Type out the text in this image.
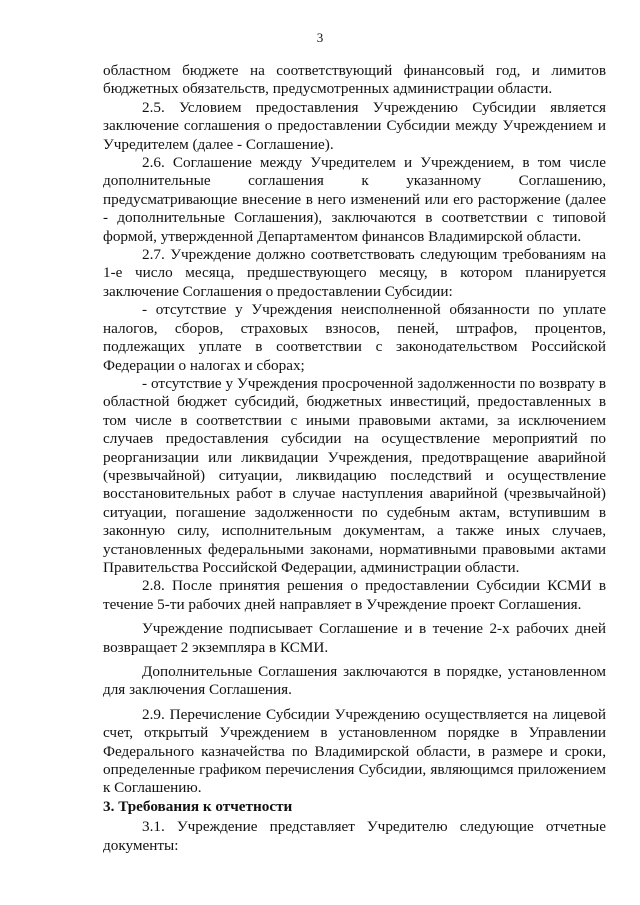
3

областном бюджете на соответствующий финансовый год, и лимитов бюджетных обязательств, предусмотренных администрации области.

2.5. Условием предоставления Учреждению Субсидии является заключение соглашения о предоставлении Субсидии между Учреждением и Учредителем (далее - Соглашение).

2.6. Соглашение между Учредителем и Учреждением, в том числе дополнительные соглашения к указанному Соглашению, предусматривающие внесение в него изменений или его расторжение (далее - дополнительные Соглашения), заключаются в соответствии с типовой формой, утвержденной Департаментом финансов Владимирской области.

2.7. Учреждение должно соответствовать следующим требованиям на 1-е число месяца, предшествующего месяцу, в котором планируется заключение Соглашения о предоставлении Субсидии:

- отсутствие у Учреждения неисполненной обязанности по уплате налогов, сборов, страховых взносов, пеней, штрафов, процентов, подлежащих уплате в соответствии с законодательством Российской Федерации о налогах и сборах;

- отсутствие у Учреждения просроченной задолженности по возврату в областной бюджет субсидий, бюджетных инвестиций, предоставленных в том числе в соответствии с иными правовыми актами, за исключением случаев предоставления субсидии на осуществление мероприятий по реорганизации или ликвидации Учреждения, предотвращение аварийной (чрезвычайной) ситуации, ликвидацию последствий и осуществление восстановительных работ в случае наступления аварийной (чрезвычайной) ситуации, погашение задолженности по судебным актам, вступившим в законную силу, исполнительным документам, а также иных случаев, установленных федеральными законами, нормативными правовыми актами Правительства Российской Федерации, администрации области.

2.8. После принятия решения о предоставлении Субсидии КСМИ в течение 5-ти рабочих дней направляет в Учреждение проект Соглашения.

Учреждение подписывает Соглашение и в течение 2-х рабочих дней возвращает 2 экземпляра в КСМИ.

Дополнительные Соглашения заключаются в порядке, установленном для заключения Соглашения.

2.9. Перечисление Субсидии Учреждению осуществляется на лицевой счет, открытый Учреждением в установленном порядке в Управлении Федерального казначейства по Владимирской области, в размере и сроки, определенные графиком перечисления Субсидии, являющимся приложением к Соглашению.

3. Требования к отчетности

3.1. Учреждение представляет Учредителю следующие отчетные документы:
